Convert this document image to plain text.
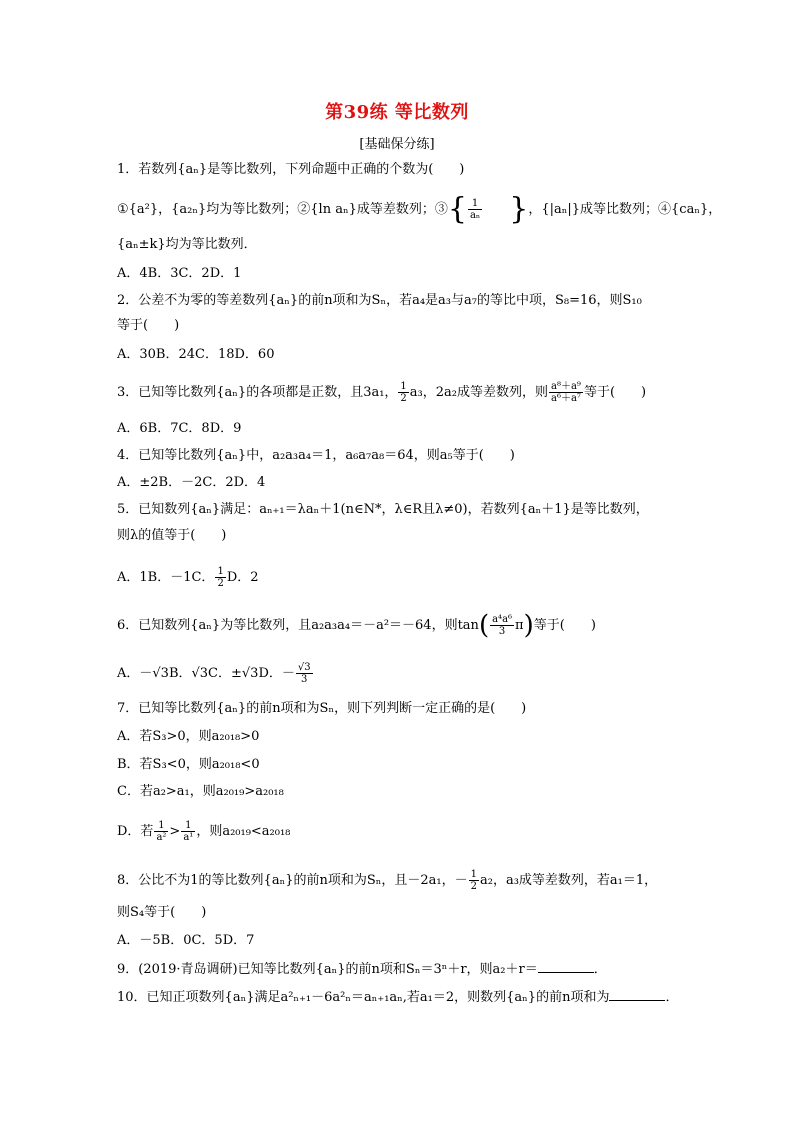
第39练 等比数列
[基础保分练]
1．若数列{aₙ}是等比数列，下列命题中正确的个数为(　　)
①{a²}，{a₂ₙ}均为等比数列；②{ln aₙ}成等差数列；③{ $\frac{1}{\text{aₙ}}$ }，{|aₙ|}成等比数列；④{caₙ}，
{aₙ±k}均为等比数列．
A．4B．3C．2D．1
2．公差不为零的等差数列{aₙ}的前n项和为Sₙ，若a₄是a₃与a₇的等比中项，S₈=16，则S₁₀
等于(　　)
A．30B．24C．18D．60
3．已知等比数列{aₙ}的各项都是正数，且3a₁， $\frac{1}{2} a_3$，2a₂成等差数列，则 $\frac{\text{a⁸＋a⁹}}{\text{a⁶＋a⁷}}$ 等于(　　)
A．6B．7C．8D．9
4．已知等比数列{aₙ}中，a₂a₃a₄＝1，a₆a₇a₈＝64，则a₅等于(　　)
A．±2B．－2C．2D．4
5．已知数列{aₙ}满足：aₙ₊₁＝λaₙ＋1(n∈N*，λ∈R且λ≠0)，若数列{aₙ＋1}是等比数列，
则λ的值等于(　　)
A．1B．－1C． $\frac{1}{2}$ D．2
6．已知数列{aₙ}为等比数列，且a₂a₃a₄＝－a²＝－64，则$\tan( \frac{\text{a⁴a⁶}}{3} \pi)$等于(　　)
A．－√3B．√3C．±√3D．－ $\frac{√3}{3}$
7．已知等比数列{aₙ}的前n项和为Sₙ，则下列判断一定正确的是(　　)
A．若S₃>0，则a₂₀₁₈>0
B．若S₃<0，则a₂₀₁₈<0
C．若a₂>a₁，则a₂₀₁₉>a₂₀₁₈
D．若 $\frac{1}{\text{a²}} > \frac{1}{\text{a¹}}$ ，则a₂₀₁₉<a₂₀₁₈
8．公比不为1的等比数列{aₙ}的前n项和为Sₙ，且－2a₁，－ $\frac{1}{2} a_2$，a₃成等差数列，若a₁＝1，
则S₄等于(　　)
A．－5B．0C．5D．7
9．(2019·青岛调研)已知等比数列{aₙ}的前n项和Sₙ＝3ⁿ＋r，则a₂＋r＝	．
10．已知正项数列{aₙ}满足a²ₙ₊₁－6a²ₙ＝aₙ₊₁aₙ,若a₁＝2，则数列{aₙ}的前n项和为	．
